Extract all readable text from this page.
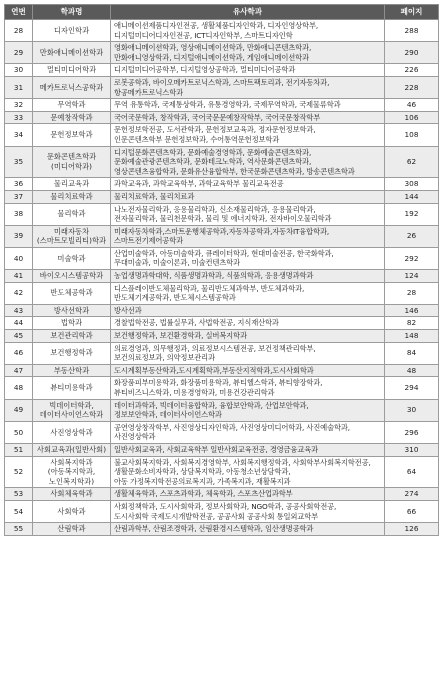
연번	학과명	유사학과	페이지
28	디자인학과	애니메이션제품디자인전공, 생활체품디자인학과, 디자인영상학부,
디지털미디어디자인전공, ICT디자인학부, 스마트디자인학	288
29	만화애니메이션학과	영화애니메이션학과, 영상애니메이션학과, 만화애니콘텐츠학과,
만화애니영상학과, 디지털애니메이션학과, 게임애니메이션학과	290
30	멀티미디어학과	디지털미디어공학부, 디지털영상공학과, 멀티미디어공학과	226
31	메카트로닉스공학과	로봇공학과, 바이오메카트로닉스학과, 스마트팩토리과, 전기자동차과,
항공메카트로닉스학과	228
32	무역학과	무역 유통학과, 국제통상학과, 유통경영학과, 국제무역학과, 국제물류학과	46
33	문예창작학과	국어국문학과, 창작학과, 국어국문문예창작학부, 국어국문창작학부	106
34	문헌정보학과	문헌정보학전공, 도서관학과, 문헌정보교육과, 정자문헌정보학과,
인문콘텐츠학부 문헌정보학과, 수어통역문헌정보학과	108
35	문화콘텐츠학과
(미디어학과)	디지털문화콘텐츠학과, 문화예술경영학과, 문화예술콘텐츠학과,
문화예술관광콘텐츠학과, 문화테크노학과, 역사문화콘텐츠학과,
영상콘텐츠융합학과, 문화유산융합학부, 한국문화콘텐츠학과, 방송콘텐츠학과	62
36	물리교육과	과학교육과, 과학교육학부, 과학교육학부 물리교육전공	308
37	물리치료학과	물리치료학과, 물리치료과	144
38	물리학과	나노전자물리학과, 응용물리학과, 신소재물리학과, 응용물리학과,
전자물리학과, 물리천문학과, 물리 및 에너지학과, 전자바이오물리학과	192
39	미래자동차
(스마트모빌리티)학과	미래자동차학과,스마트운행체공학과,자동차공학과,자동차IT융합학과,
스마트전기제어공학과	26
40	미술학과	산업미술학과, 아동미술학과, 큐레이터학과, 현대미술전공, 한국화학과,
무대미술과, 미술이론과, 미술컨텐츠학과	292
41	바이오시스템공학과	농업생명과학대학, 식품생명과학과, 식품의학과, 응용생명과학과	124
42	반도체공학과	디스플레이반도체물리학과, 물리반도체과학부, 반도체과학과,
반도체기계공학과, 반도체시스템공학과	28
43	방사선학과	방사선과	146
44	법학과	경찰법학전공, 법률실무과, 사법학전공, 지식재산학과	82
45	보건관리학과	보건행정학과, 보건환경학과, 실버복지학과	148
46	보건행정학과	의료경영과, 의무행정과, 의료정보시스템전공, 보건정책관리학부,
보건의료정보과, 의약정보관리과	84
47	부동산학과	도시계획부동산학과,도시계획학과,부동산지적학과,도시사회학과	48
48	뷰티미용학과	화장품피부미용학과, 화장품미용학과, 뷰티헬스학과, 뷰티향장학과,
뷰티비즈니스학과, 미용경영학과, 미용건강관리학과	294
49	빅데이터학과,
데이터사이언스학과	데이터과학과, 빅데이터융합학과, 융합보안학과, 산업보안학과,
정보보안학과, 데이터사이언스학과	30
50	사진영상학과	공연영상창작학부, 사진영상디자인학과, 사진영상미디어학과, 사진예술학과,
사진영상학과	296
51	사회교육과(일반사회)	일반사회교육과, 사회교육학부 일반사회교육전공, 경영금융교육과	310
52	사회복지학과
(아동복지학과,
노인복지학과)	불교사회복지학과, 사회복지경영학부, 사회복지행정학과, 사회학부사회복지학전공,
생활문화소비자학과, 상담복지학과, 아동청소년상담학과,
아동 가정복지학전공의료복지과, 가족복지과, 재활복지과	64
53	사회체육학과	생활체육학과, 스포츠과학과, 체육학과, 스포츠산업과학부	274
54	사회학과	사회정책학과, 도시사회학과, 정보사회학과, NGO학과, 공공사회학전공,
도시사회학 국제도시개발학전공, 공공사회 공공사회 통일외교학부	66
55	산림학과	산림과학부, 산림조경학과, 산림환경시스템학과, 임산생명공학과	126
